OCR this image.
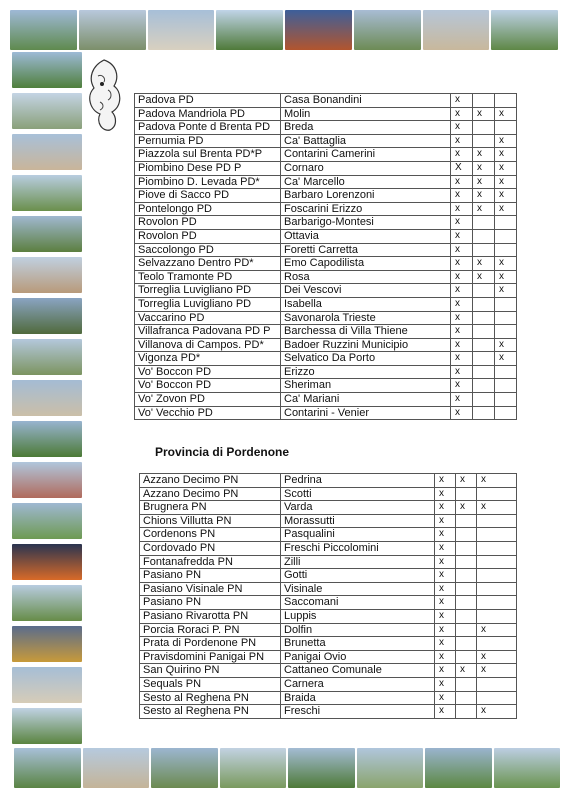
Padova PD	Casa Bonandini	x		
Padova Mandriola PD	Molin	x	x	x
Padova Ponte d Brenta PD	Breda	x		
Pernumia PD	Ca' Battaglia	x		x
Piazzola sul Brenta PD*P	Contarini Camerini	x	x	x
Piombino Dese PD P	Cornaro	X	x	x
Piombino D. Levada PD*	Ca' Marcello	x	x	x
Piove di Sacco PD	Barbaro Lorenzoni	x	x	x
Pontelongo PD	Foscarini Erizzo	x	x	x
Rovolon PD	Barbarigo-Montesi	x		
Rovolon PD	Ottavia	x		
Saccolongo PD	Foretti Carretta	x		
Selvazzano Dentro PD*	Emo Capodilista	x	x	x
Teolo Tramonte PD	Rosa	x	x	x
Torreglia Luvigliano PD	Dei Vescovi	x		x
Torreglia Luvigliano PD	Isabella	x		
Vaccarino PD	Savonarola Trieste	x		
Villafranca Padovana PD P	Barchessa di Villa Thiene	x		
Villanova di Campos. PD*	Badoer Ruzzini Municipio	x		x
Vigonza PD*	Selvatico Da Porto	x		x
Vo' Boccon PD	Erizzo	x		
Vo' Boccon PD	Sheriman	x		
Vo' Zovon PD	Ca' Mariani	x		
Vo' Vecchio PD	Contarini - Venier	x		
Provincia di Pordenone
Azzano Decimo PN	Pedrina	x	x	x
Azzano Decimo PN	Scotti	x		
Brugnera PN	Varda	x	x	x
Chions Villutta PN	Morassutti	x		
Cordenons PN	Pasqualini	x		
Cordovado PN	Freschi Piccolomini	x		
Fontanafredda PN	Zilli	x		
Pasiano PN	Gotti	x		
Pasiano Visinale PN	Visinale	x		
Pasiano PN	Saccomani	x		
Pasiano Rivarotta PN	Luppis	x		
Porcia Roraci P. PN	Dolfin	x		x
Prata di Pordenone PN	Brunetta	x		
Pravisdomini Panigai PN	Panigai Ovio	x		x
San Quirino PN	Cattaneo Comunale	x	x	x
Sequals PN	Carnera	x		
Sesto al Reghena PN	Braida	x		
Sesto al Reghena PN	Freschi	x		x
